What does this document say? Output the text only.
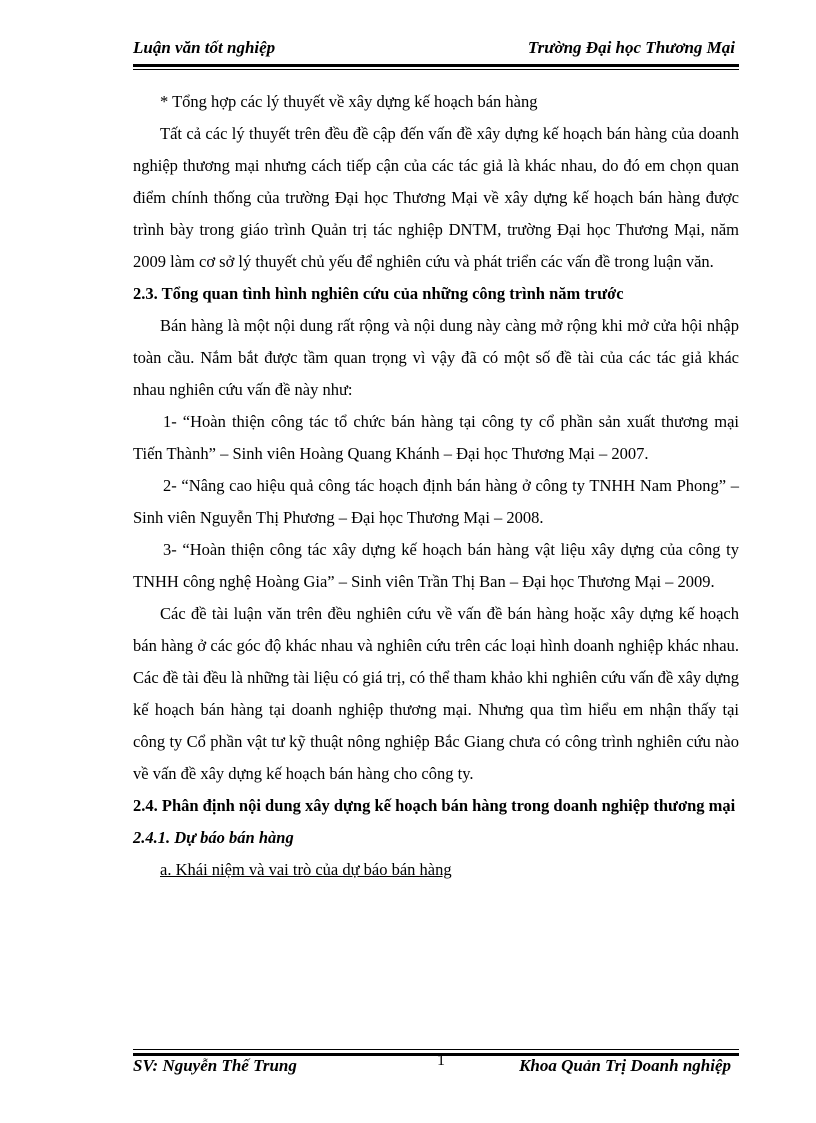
Luận văn tốt nghiệp	Trường Đại học Thương Mại

* Tổng hợp các lý thuyết về xây dựng kế hoạch bán hàng

Tất cả các lý thuyết trên đều đề cập đến vấn đề xây dựng kế hoạch bán hàng của doanh nghiệp thương mại nhưng cách tiếp cận của các tác giả là khác nhau, do đó em chọn quan điểm chính thống của trường Đại học Thương Mại về xây dựng kế hoạch bán hàng được trình bày trong giáo trình Quản trị tác nghiệp DNTM, trường Đại học Thương Mại, năm 2009 làm cơ sở lý thuyết chủ yếu để nghiên cứu và phát triển các vấn đề trong luận văn.

2.3. Tổng quan tình hình nghiên cứu của những công trình năm trước

Bán hàng là một nội dung rất rộng và nội dung này càng mở rộng khi mở cửa hội nhập toàn cầu. Nắm bắt được tầm quan trọng vì vậy đã có một số đề tài của các tác giả khác nhau nghiên cứu vấn đề này như:

1- “Hoàn thiện công tác tổ chức bán hàng tại công ty cổ phần sản xuất thương mại Tiến Thành” – Sinh viên Hoàng Quang Khánh – Đại học Thương Mại – 2007.

2- “Nâng cao hiệu quả công tác hoạch định bán hàng ở công ty TNHH Nam Phong” – Sinh viên Nguyễn Thị Phương – Đại học Thương Mại – 2008.

3- “Hoàn thiện công tác xây dựng kế hoạch bán hàng vật liệu xây dựng của công ty TNHH công nghệ Hoàng Gia” – Sinh viên Trần Thị Ban – Đại học Thương Mại – 2009.

Các đề tài luận văn trên đều nghiên cứu về vấn đề bán hàng hoặc xây dựng kế hoạch bán hàng ở các góc độ khác nhau và nghiên cứu trên các loại hình doanh nghiệp khác nhau. Các đề tài đều là những tài liệu có giá trị, có thể tham khảo khi nghiên cứu vấn đề xây dựng kế hoạch bán hàng tại doanh nghiệp thương mại. Nhưng qua tìm hiểu em nhận thấy tại công ty Cổ phần vật tư kỹ thuật nông nghiệp Bắc Giang chưa có công trình nghiên cứu nào về vấn đề xây dựng kế hoạch bán hàng cho công ty.

2.4. Phân định nội dung xây dựng kế hoạch bán hàng trong doanh nghiệp thương mại

2.4.1. Dự báo bán hàng

a. Khái niệm và vai trò của dự báo bán hàng

SV: Nguyễn Thế Trung	1	Khoa Quản Trị Doanh nghiệp
